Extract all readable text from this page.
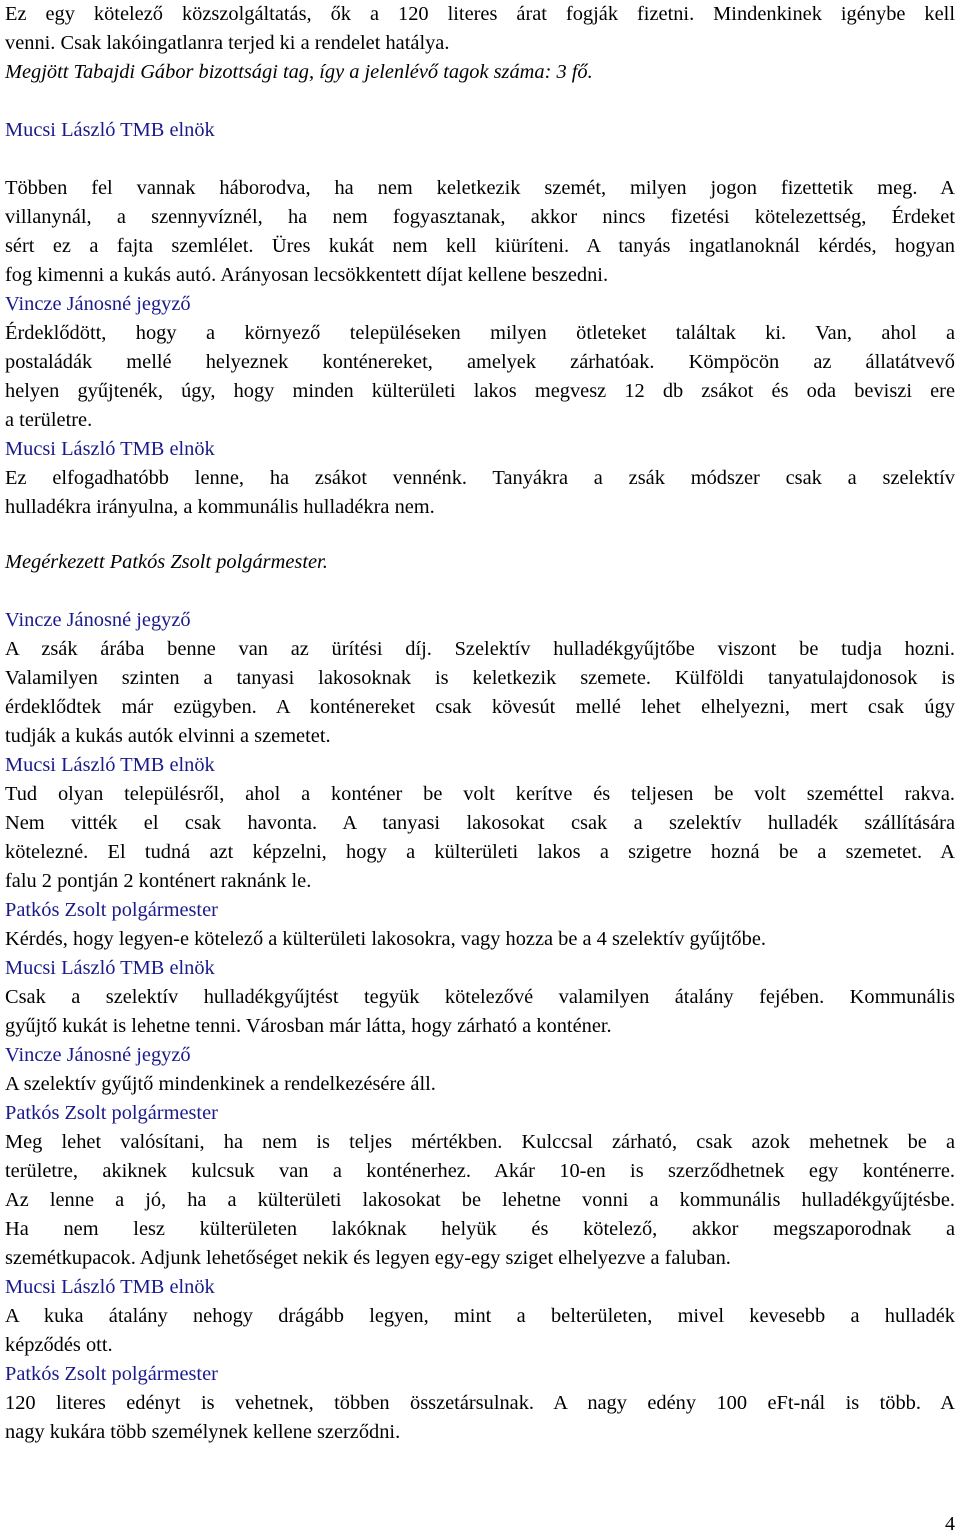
Ez egy kötelező közszolgáltatás, ők a 120 literes árat fogják fizetni. Mindenkinek igénybe kell
venni. Csak lakóingatlanra terjed ki a rendelet hatálya.
Megjött Tabajdi Gábor bizottsági tag, így a jelenlévő tagok száma: 3 fő.
Mucsi László TMB elnök
Többen fel vannak háborodva, ha nem keletkezik szemét, milyen jogon fizettetik meg. A
villanynál, a szennyvíznél, ha nem fogyasztanak, akkor nincs fizetési kötelezettség, Érdeket
sért ez a fajta szemlélet. Üres kukát nem kell kiüríteni. A tanyás ingatlanoknál kérdés, hogyan
fog kimenni a kukás autó. Arányosan lecsökkentett díjat kellene beszedni.
Vincze Jánosné jegyző
Érdeklődött, hogy a környező településeken milyen ötleteket találtak ki. Van, ahol a
postaládák mellé helyeznek konténereket, amelyek zárhatóak. Kömpöcön az állatátvevő
helyen gyűjtenék, úgy, hogy minden külterületi lakos megvesz 12 db zsákot és oda beviszi ere
a területre.
Mucsi László TMB elnök
Ez elfogadhatóbb lenne, ha zsákot vennénk. Tanyákra a zsák módszer csak a szelektív
hulladékra irányulna, a kommunális hulladékra nem.
Megérkezett Patkós Zsolt polgármester.
Vincze Jánosné jegyző
A zsák árába benne van az ürítési díj. Szelektív hulladékgyűjtőbe viszont be tudja hozni.
Valamilyen szinten a tanyasi lakosoknak is keletkezik szemete. Külföldi tanyatulajdonosok is
érdeklődtek már ezügyben. A konténereket csak kövesút mellé lehet elhelyezni, mert csak úgy
tudják a kukás autók elvinni a szemetet.
Mucsi László TMB elnök
Tud olyan településről, ahol a konténer be volt kerítve és teljesen be volt szeméttel rakva.
Nem vitték el csak havonta. A tanyasi lakosokat csak a szelektív hulladék szállítására
kötelezné. El tudná azt képzelni, hogy a külterületi lakos a szigetre hozná be a szemetet. A
falu 2 pontján 2 konténert raknánk le.
Patkós Zsolt polgármester
Kérdés, hogy legyen-e kötelező a külterületi lakosokra, vagy hozza be a 4 szelektív gyűjtőbe.
Mucsi László TMB elnök
Csak a szelektív hulladékgyűjtést tegyük kötelezővé valamilyen átalány fejében. Kommunális
gyűjtő kukát is lehetne tenni. Városban már látta, hogy zárható a konténer.
Vincze Jánosné jegyző
A szelektív gyűjtő mindenkinek a rendelkezésére áll.
Patkós Zsolt polgármester
Meg lehet valósítani, ha nem is teljes mértékben. Kulccsal zárható, csak azok mehetnek be a
területre, akiknek kulcsuk van a konténerhez. Akár 10-en is szerződhetnek egy konténerre.
Az lenne a jó, ha a külterületi lakosokat be lehetne vonni a kommunális hulladékgyűjtésbe.
Ha nem lesz külterületen lakóknak helyük és kötelező, akkor megszaporodnak a
szemétkupacok. Adjunk lehetőséget nekik és legyen egy-egy sziget elhelyezve a faluban.
Mucsi László TMB elnök
A kuka átalány nehogy drágább legyen, mint a belterületen, mivel kevesebb a hulladék
képződés ott.
Patkós Zsolt polgármester
120 literes edényt is vehetnek, többen összetársulnak. A nagy edény 100 eFt-nál is több. A
nagy kukára több személynek kellene szerződni.
4
